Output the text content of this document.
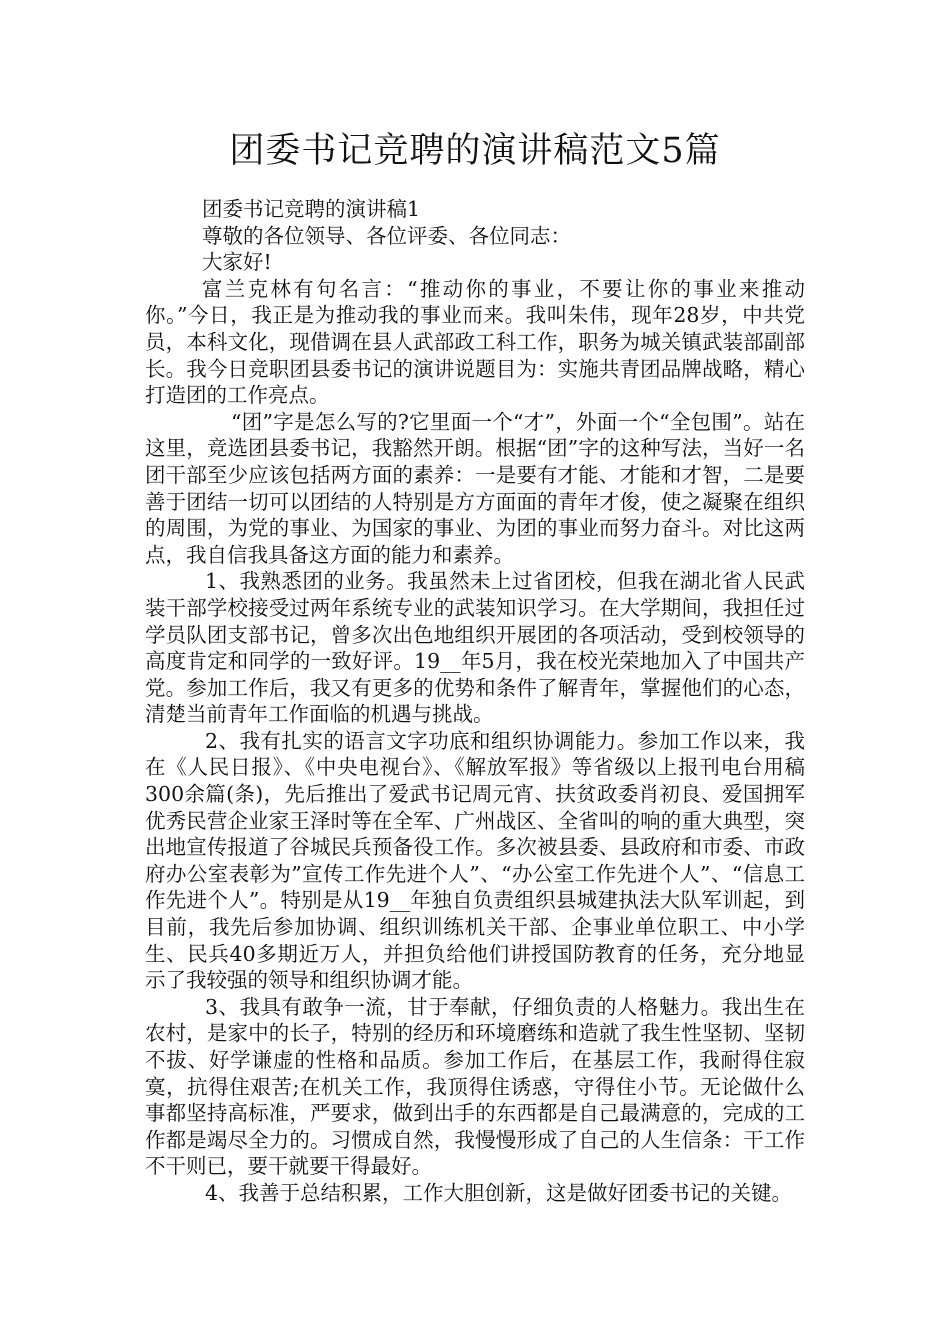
团委书记竞聘的演讲稿范文5篇

团委书记竞聘的演讲稿1

尊敬的各位领导、各位评委、各位同志：

大家好!

富兰克林有句名言：“推动你的事业，不要让你的事业来推动你。”今日，我正是为推动我的事业而来。我叫朱伟，现年28岁，中共党员，本科文化，现借调在县人武部政工科工作，职务为城关镇武装部副部长。我今日竞职团县委书记的演讲说题目为：实施共青团品牌战略，精心打造团的工作亮点。

“团”字是怎么写的?它里面一个“才”，外面一个“全包围”。站在这里，竞选团县委书记，我豁然开朗。根据“团”字的这种写法，当好一名团干部至少应该包括两方面的素养：一是要有才能、才能和才智，二是要善于团结一切可以团结的人特别是方方面面的青年才俊，使之凝聚在组织的周围，为党的事业、为国家的事业、为团的事业而努力奋斗。对比这两点，我自信我具备这方面的能力和素养。

1、我熟悉团的业务。我虽然未上过省团校，但我在湖北省人民武装干部学校接受过两年系统专业的武装知识学习。在大学期间，我担任过学员队团支部书记，曾多次出色地组织开展团的各项活动，受到校领导的高度肯定和同学的一致好评。19__年5月，我在校光荣地加入了中国共产党。参加工作后，我又有更多的优势和条件了解青年，掌握他们的心态，清楚当前青年工作面临的机遇与挑战。

2、我有扎实的语言文字功底和组织协调能力。参加工作以来，我在《人民日报》、《中央电视台》、《解放军报》等省级以上报刊电台用稿300余篇(条)，先后推出了爱武书记周元宵、扶贫政委肖初良、爱国拥军优秀民营企业家王泽时等在全军、广州战区、全省叫的响的重大典型，突出地宣传报道了谷城民兵预备役工作。多次被县委、县政府和市委、市政府办公室表彰为”宣传工作先进个人”、“办公室工作先进个人”、“信息工作先进个人”。特别是从19__年独自负责组织县城建执法大队军训起，到目前，我先后参加协调、组织训练机关干部、企事业单位职工、中小学生、民兵40多期近万人，并担负给他们讲授国防教育的任务，充分地显示了我较强的领导和组织协调才能。

3、我具有敢争一流，甘于奉献，仔细负责的人格魅力。我出生在农村，是家中的长子，特别的经历和环境磨练和造就了我生性坚韧、坚韧不拔、好学谦虚的性格和品质。参加工作后，在基层工作，我耐得住寂寞，抗得住艰苦;在机关工作，我顶得住诱惑，守得住小节。无论做什么事都坚持高标准，严要求，做到出手的东西都是自己最满意的，完成的工作都是竭尽全力的。习惯成自然，我慢慢形成了自己的人生信条：干工作不干则已，要干就要干得最好。

4、我善于总结积累，工作大胆创新，这是做好团委书记的关键。
